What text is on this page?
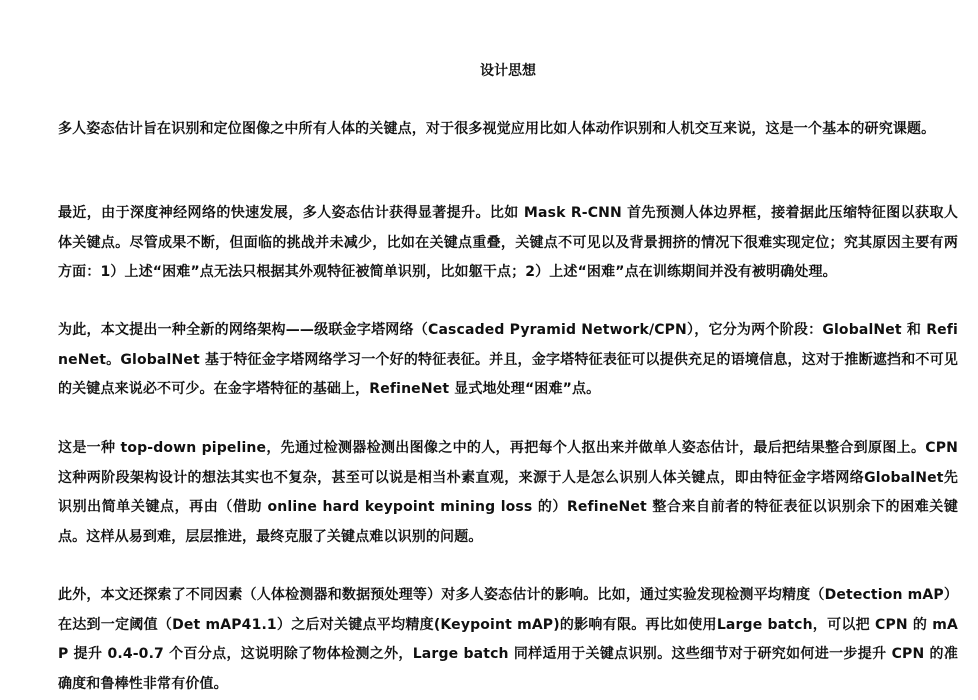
设计思想

多人姿态估计旨在识别和定位图像之中所有人体的关键点，对于很多视觉应用比如人体动作识别和人机交互来说，这是一个基本的研究课题。

最近，由于深度神经网络的快速发展，多人姿态估计获得显著提升。比如 Mask R-CNN 首先预测人体边界框，接着据此压缩特征图以获取人体关键点。尽管成果不断，但面临的挑战并未减少，比如在关键点重叠，关键点不可见以及背景拥挤的情况下很难实现定位；究其原因主要有两方面：1）上述“困难”点无法只根据其外观特征被简单识别，比如躯干点；2）上述“困难”点在训练期间并没有被明确处理。

为此，本文提出一种全新的网络架构——级联金字塔网络（Cascaded Pyramid Network/CPN），它分为两个阶段：GlobalNet 和 RefineNet。GlobalNet 基于特征金字塔网络学习一个好的特征表征。并且，金字塔特征表征可以提供充足的语境信息，这对于推断遮挡和不可见的关键点来说必不可少。在金字塔特征的基础上，RefineNet 显式地处理“困难”点。

这是一种 top-down pipeline，先通过检测器检测出图像之中的人，再把每个人抠出来并做单人姿态估计，最后把结果整合到原图上。CPN 这种两阶段架构设计的想法其实也不复杂，甚至可以说是相当朴素直观，来源于人是怎么识别人体关键点，即由特征金字塔网络GlobalNet先识别出简单关键点，再由（借助 online hard keypoint mining loss 的）RefineNet 整合来自前者的特征表征以识别余下的困难关键点。这样从易到难，层层推进，最终克服了关键点难以识别的问题。

此外，本文还探索了不同因素（人体检测器和数据预处理等）对多人姿态估计的影响。比如，通过实验发现检测平均精度（Detection mAP）在达到一定阈值（Det mAP41.1）之后对关键点平均精度(Keypoint mAP)的影响有限。再比如使用Large batch，可以把 CPN 的 mAP 提升 0.4-0.7 个百分点，这说明除了物体检测之外，Large batch 同样适用于关键点识别。这些细节对于研究如何进一步提升 CPN 的准确度和鲁棒性非常有价值。
